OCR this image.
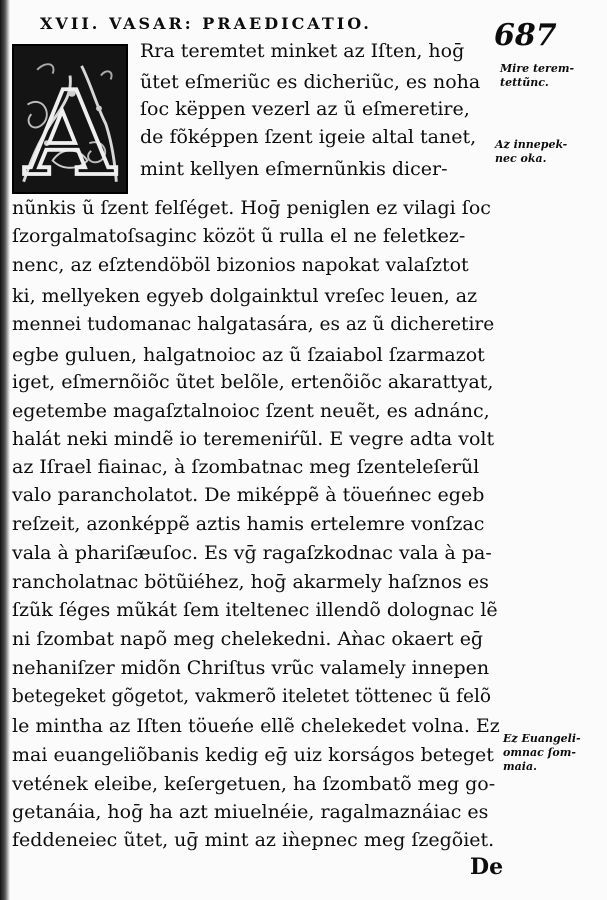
XVII. VASAR: PRAEDICATIO.	687
A
Rra teremtet minket az Iſten, hoḡ
ũtet eſmeriũc es dicheriũc, es noha
ſoc këppen vezerl az ũ eſmeretire,
de fõképpen ſzent igeie altal tanet,
mint kellyen eſmernũnkis dicer-
nũnkis ũ ſzent felſéget. Hoḡ peniglen ez vilagi ſoc
ſzorgalmatoſsaginc közöt ũ rulla el ne feletkez-
nenc, az eſztendöböl bizonios napokat valaſztot
ki, mellyeken egyeb dolgainktul vreſec leuen, az
mennei tudomanac halgatasára, es az ũ dicheretire
egbe guluen, halgatnoioc az ũ ſzaiabol ſzarmazot
iget, eſmernõiõc ũtet belõle, ertenõiõc akarattyat,
egetembe magaſztalnoioc ſzent neuẽt, es adnánc,
halát neki mindẽ io teremeniŕũl. E vegre adta volt
az Iſrael fiainac, à ſzombatnac meg ſzenteleſerũl
valo parancholatot. De miképpẽ à töueńnec egeb
reſzeit, azonképpẽ aztis hamis ertelemre vonſzac
vala à phariſæuſoc. Es vḡ ragaſzkodnac vala à pa-
rancholatnac bötũiéhez, hoḡ akarmely haſznos es
ſzũk ſéges mũkát ſem iteltenec illendõ dolognac lẽ
ni ſzombat napõ meg chelekedni. Aǹac okaert eḡ
nehaniſzer midõn Chriſtus vrũc valamely innepen
betegeket gõgetot, vakmerõ iteletet töttenec ũ felõ
le mintha az Iſten töueńe ellẽ chelekedet volna. Ez
mai euangeliõbanis kedig eḡ uiz korságos beteget
vetének eleibe, keſergetuen, ha ſzombatõ meg go-
getanáia, hoḡ ha azt miuelnéie, ragalmaznáiac es
feddeneiec ũtet, uḡ mint az iǹepnec meg ſzegõiet.
Mire terem-
tettũnc.
Az innepek-
nec oka.
Ez Euangeli-
omnac ſom-
maia.
De
